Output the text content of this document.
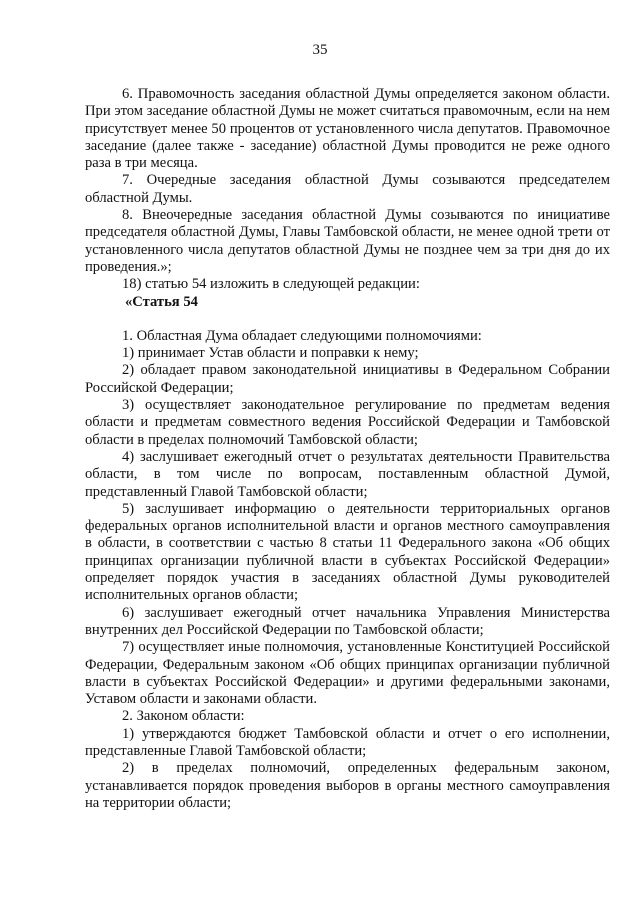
35

6. Правомочность заседания областной Думы определяется законом области. При этом заседание областной Думы не может считаться правомочным, если на нем присутствует менее 50 процентов от установленного числа депутатов. Правомочное заседание (далее также - заседание) областной Думы проводится не реже одного раза в три месяца.

7. Очередные заседания областной Думы созываются председателем областной Думы.

8. Внеочередные заседания областной Думы созываются по инициативе председателя областной Думы, Главы Тамбовской области, не менее одной трети от установленного числа депутатов областной Думы не позднее чем за три дня до их проведения.»;

18) статью 54 изложить в следующей редакции:

«Статья 54

1. Областная Дума обладает следующими полномочиями:

1) принимает Устав области и поправки к нему;

2) обладает правом законодательной инициативы в Федеральном Собрании Российской Федерации;

3) осуществляет законодательное регулирование по предметам ведения области и предметам совместного ведения Российской Федерации и Тамбовской области в пределах полномочий Тамбовской области;

4) заслушивает ежегодный отчет о результатах деятельности Правительства области, в том числе по вопросам, поставленным областной Думой, представленный Главой Тамбовской области;

5) заслушивает информацию о деятельности территориальных органов федеральных органов исполнительной власти и органов местного самоуправления в области, в соответствии с частью 8 статьи 11 Федерального закона «Об общих принципах организации публичной власти в субъектах Российской Федерации» определяет порядок участия в заседаниях областной Думы руководителей исполнительных органов области;

6) заслушивает ежегодный отчет начальника Управления Министерства внутренних дел Российской Федерации по Тамбовской области;

7) осуществляет иные полномочия, установленные Конституцией Российской Федерации, Федеральным законом «Об общих принципах организации публичной власти в субъектах Российской Федерации» и другими федеральными законами, Уставом области и законами области.

2. Законом области:

1) утверждаются бюджет Тамбовской области и отчет о его исполнении, представленные Главой Тамбовской области;

2) в пределах полномочий, определенных федеральным законом, устанавливается порядок проведения выборов в органы местного самоуправления на территории области;
